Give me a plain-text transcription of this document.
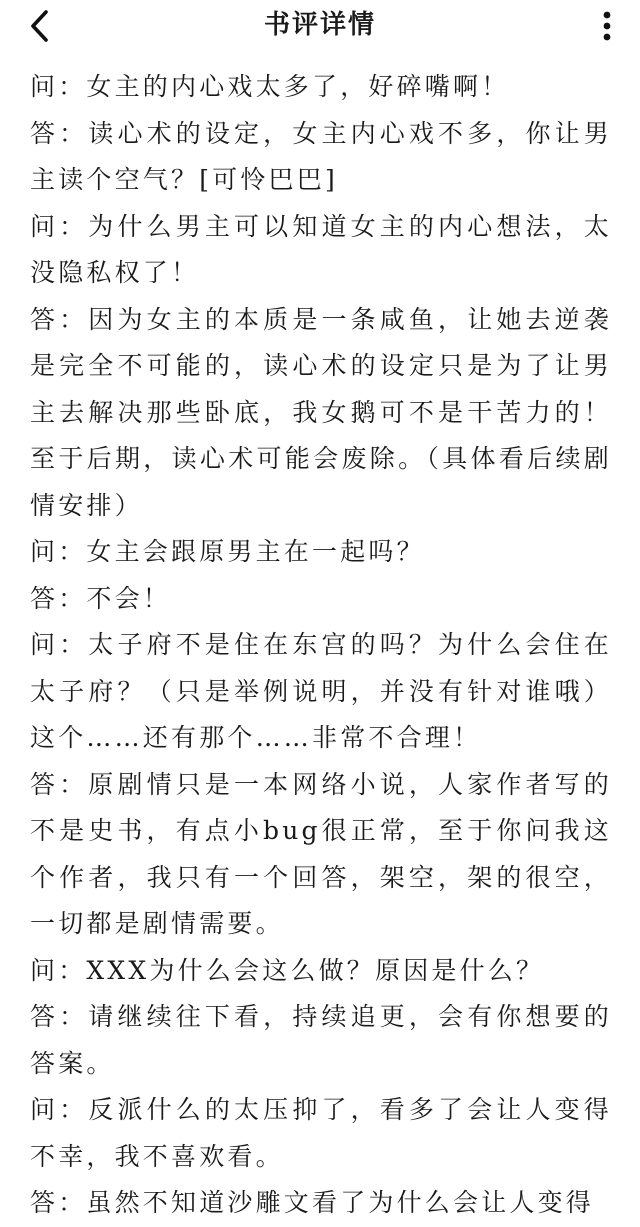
书评详情

问：女主的内心戏太多了，好碎嘴啊！

答：读心术的设定，女主内心戏不多，你让男主读个空气？[可怜巴巴]

问：为什么男主可以知道女主的内心想法，太没隐私权了！

答：因为女主的本质是一条咸鱼，让她去逆袭是完全不可能的，读心术的设定只是为了让男主去解决那些卧底，我女鹅可不是干苦力的！至于后期，读心术可能会废除。（具体看后续剧情安排）

问：女主会跟原男主在一起吗？

答：不会！

问：太子府不是住在东宫的吗？为什么会住在太子府？（只是举例说明，并没有针对谁哦）这个……还有那个……非常不合理！

答：原剧情只是一本网络小说，人家作者写的不是史书，有点小bug很正常，至于你问我这个作者，我只有一个回答，架空，架的很空，一切都是剧情需要。

问：XXX为什么会这么做？原因是什么？

答：请继续往下看，持续追更，会有你想要的答案。

问：反派什么的太压抑了，看多了会让人变得不幸，我不喜欢看。

答：虽然不知道沙雕文看了为什么会让人变得
